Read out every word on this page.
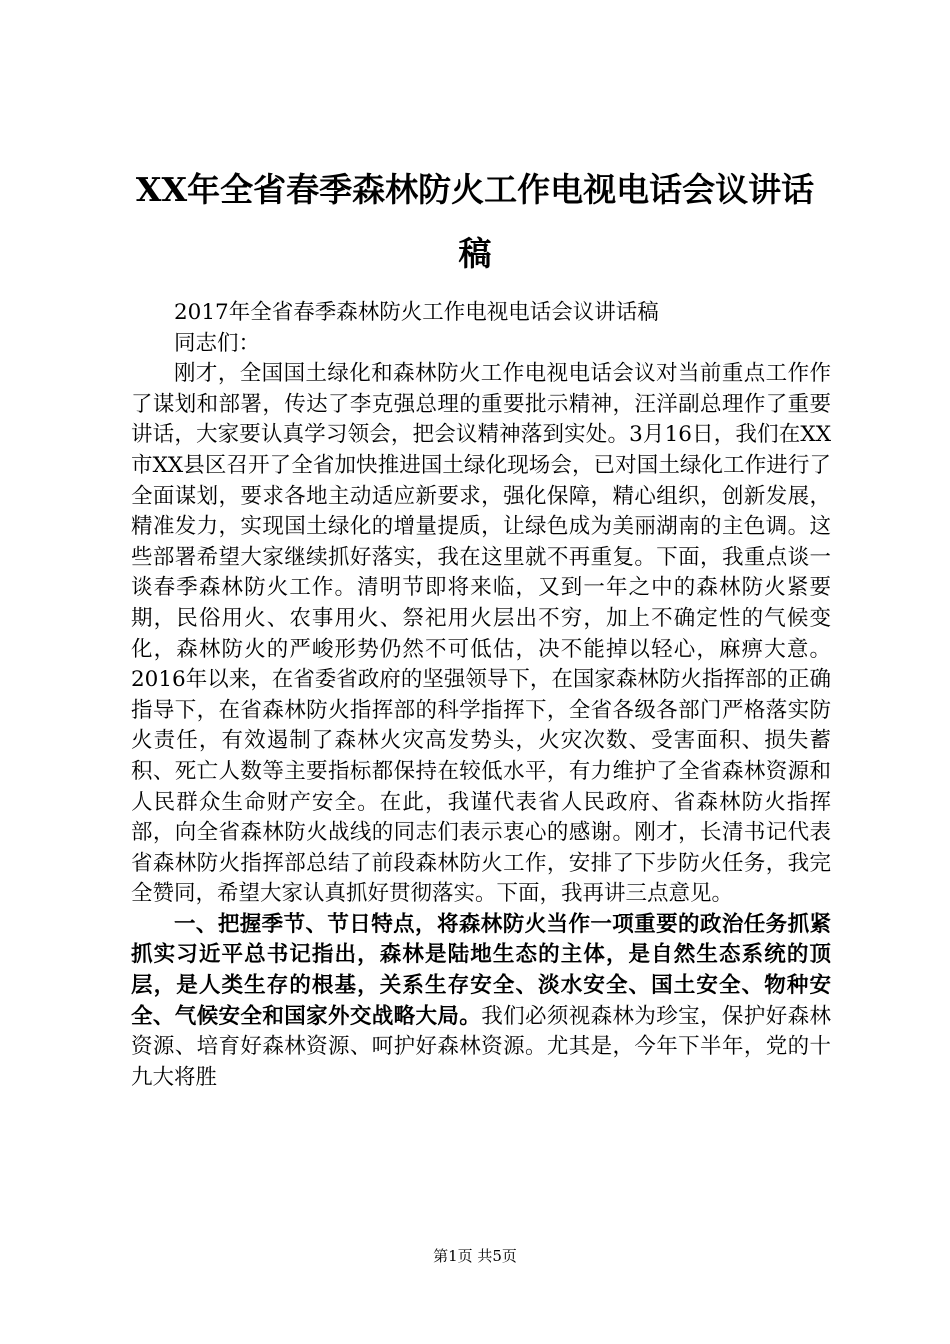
XX年全省春季森林防火工作电视电话会议讲话稿

2017年全省春季森林防火工作电视电话会议讲话稿

同志们：

刚才，全国国土绿化和森林防火工作电视电话会议对当前重点工作作了谋划和部署，传达了李克强总理的重要批示精神，汪洋副总理作了重要讲话，大家要认真学习领会，把会议精神落到实处。3月16日，我们在XX市XX县区召开了全省加快推进国土绿化现场会，已对国土绿化工作进行了全面谋划，要求各地主动适应新要求，强化保障，精心组织，创新发展，精准发力，实现国土绿化的增量提质，让绿色成为美丽湖南的主色调。这些部署希望大家继续抓好落实，我在这里就不再重复。下面，我重点谈一谈春季森林防火工作。清明节即将来临，又到一年之中的森林防火紧要期，民俗用火、农事用火、祭祀用火层出不穷，加上不确定性的气候变化，森林防火的严峻形势仍然不可低估，决不能掉以轻心，麻痹大意。2016年以来，在省委省政府的坚强领导下，在国家森林防火指挥部的正确指导下，在省森林防火指挥部的科学指挥下，全省各级各部门严格落实防火责任，有效遏制了森林火灾高发势头，火灾次数、受害面积、损失蓄积、死亡人数等主要指标都保持在较低水平，有力维护了全省森林资源和人民群众生命财产安全。在此，我谨代表省人民政府、省森林防火指挥部，向全省森林防火战线的同志们表示衷心的感谢。刚才，长清书记代表省森林防火指挥部总结了前段森林防火工作，安排了下步防火任务，我完全赞同，希望大家认真抓好贯彻落实。下面，我再讲三点意见。

一、把握季节、节日特点，将森林防火当作一项重要的政治任务抓紧抓实习近平总书记指出，森林是陆地生态的主体，是自然生态系统的顶层，是人类生存的根基，关系生存安全、淡水安全、国土安全、物种安全、气候安全和国家外交战略大局。我们必须视森林为珍宝，保护好森林资源、培育好森林资源、呵护好森林资源。尤其是，今年下半年，党的十九大将胜

第1页 共5页
